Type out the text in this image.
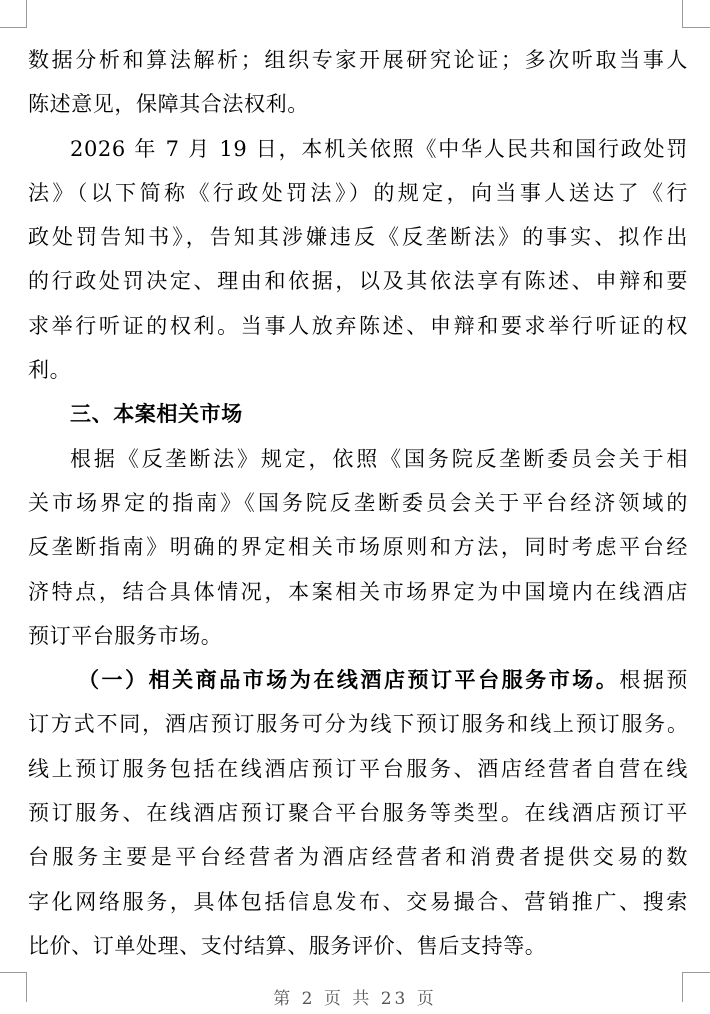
数据分析和算法解析；组织专家开展研究论证；多次听取当事人
陈述意见，保障其合法权利。
2026 年 7 月 19 日，本机关依照《中华人民共和国行政处罚
法》（以下简称《行政处罚法》）的规定，向当事人送达了《行
政处罚告知书》，告知其涉嫌违反《反垄断法》的事实、拟作出
的行政处罚决定、理由和依据，以及其依法享有陈述、申辩和要
求举行听证的权利。当事人放弃陈述、申辩和要求举行听证的权
利。
三、本案相关市场
根据《反垄断法》规定，依照《国务院反垄断委员会关于相
关市场界定的指南》《国务院反垄断委员会关于平台经济领域的
反垄断指南》明确的界定相关市场原则和方法，同时考虑平台经
济特点，结合具体情况，本案相关市场界定为中国境内在线酒店
预订平台服务市场。
（一）相关商品市场为在线酒店预订平台服务市场。根据预
订方式不同，酒店预订服务可分为线下预订服务和线上预订服务。
线上预订服务包括在线酒店预订平台服务、酒店经营者自营在线
预订服务、在线酒店预订聚合平台服务等类型。在线酒店预订平
台服务主要是平台经营者为酒店经营者和消费者提供交易的数
字化网络服务，具体包括信息发布、交易撮合、营销推广、搜索
比价、订单处理、支付结算、服务评价、售后支持等。
第 2 页 共 23 页
